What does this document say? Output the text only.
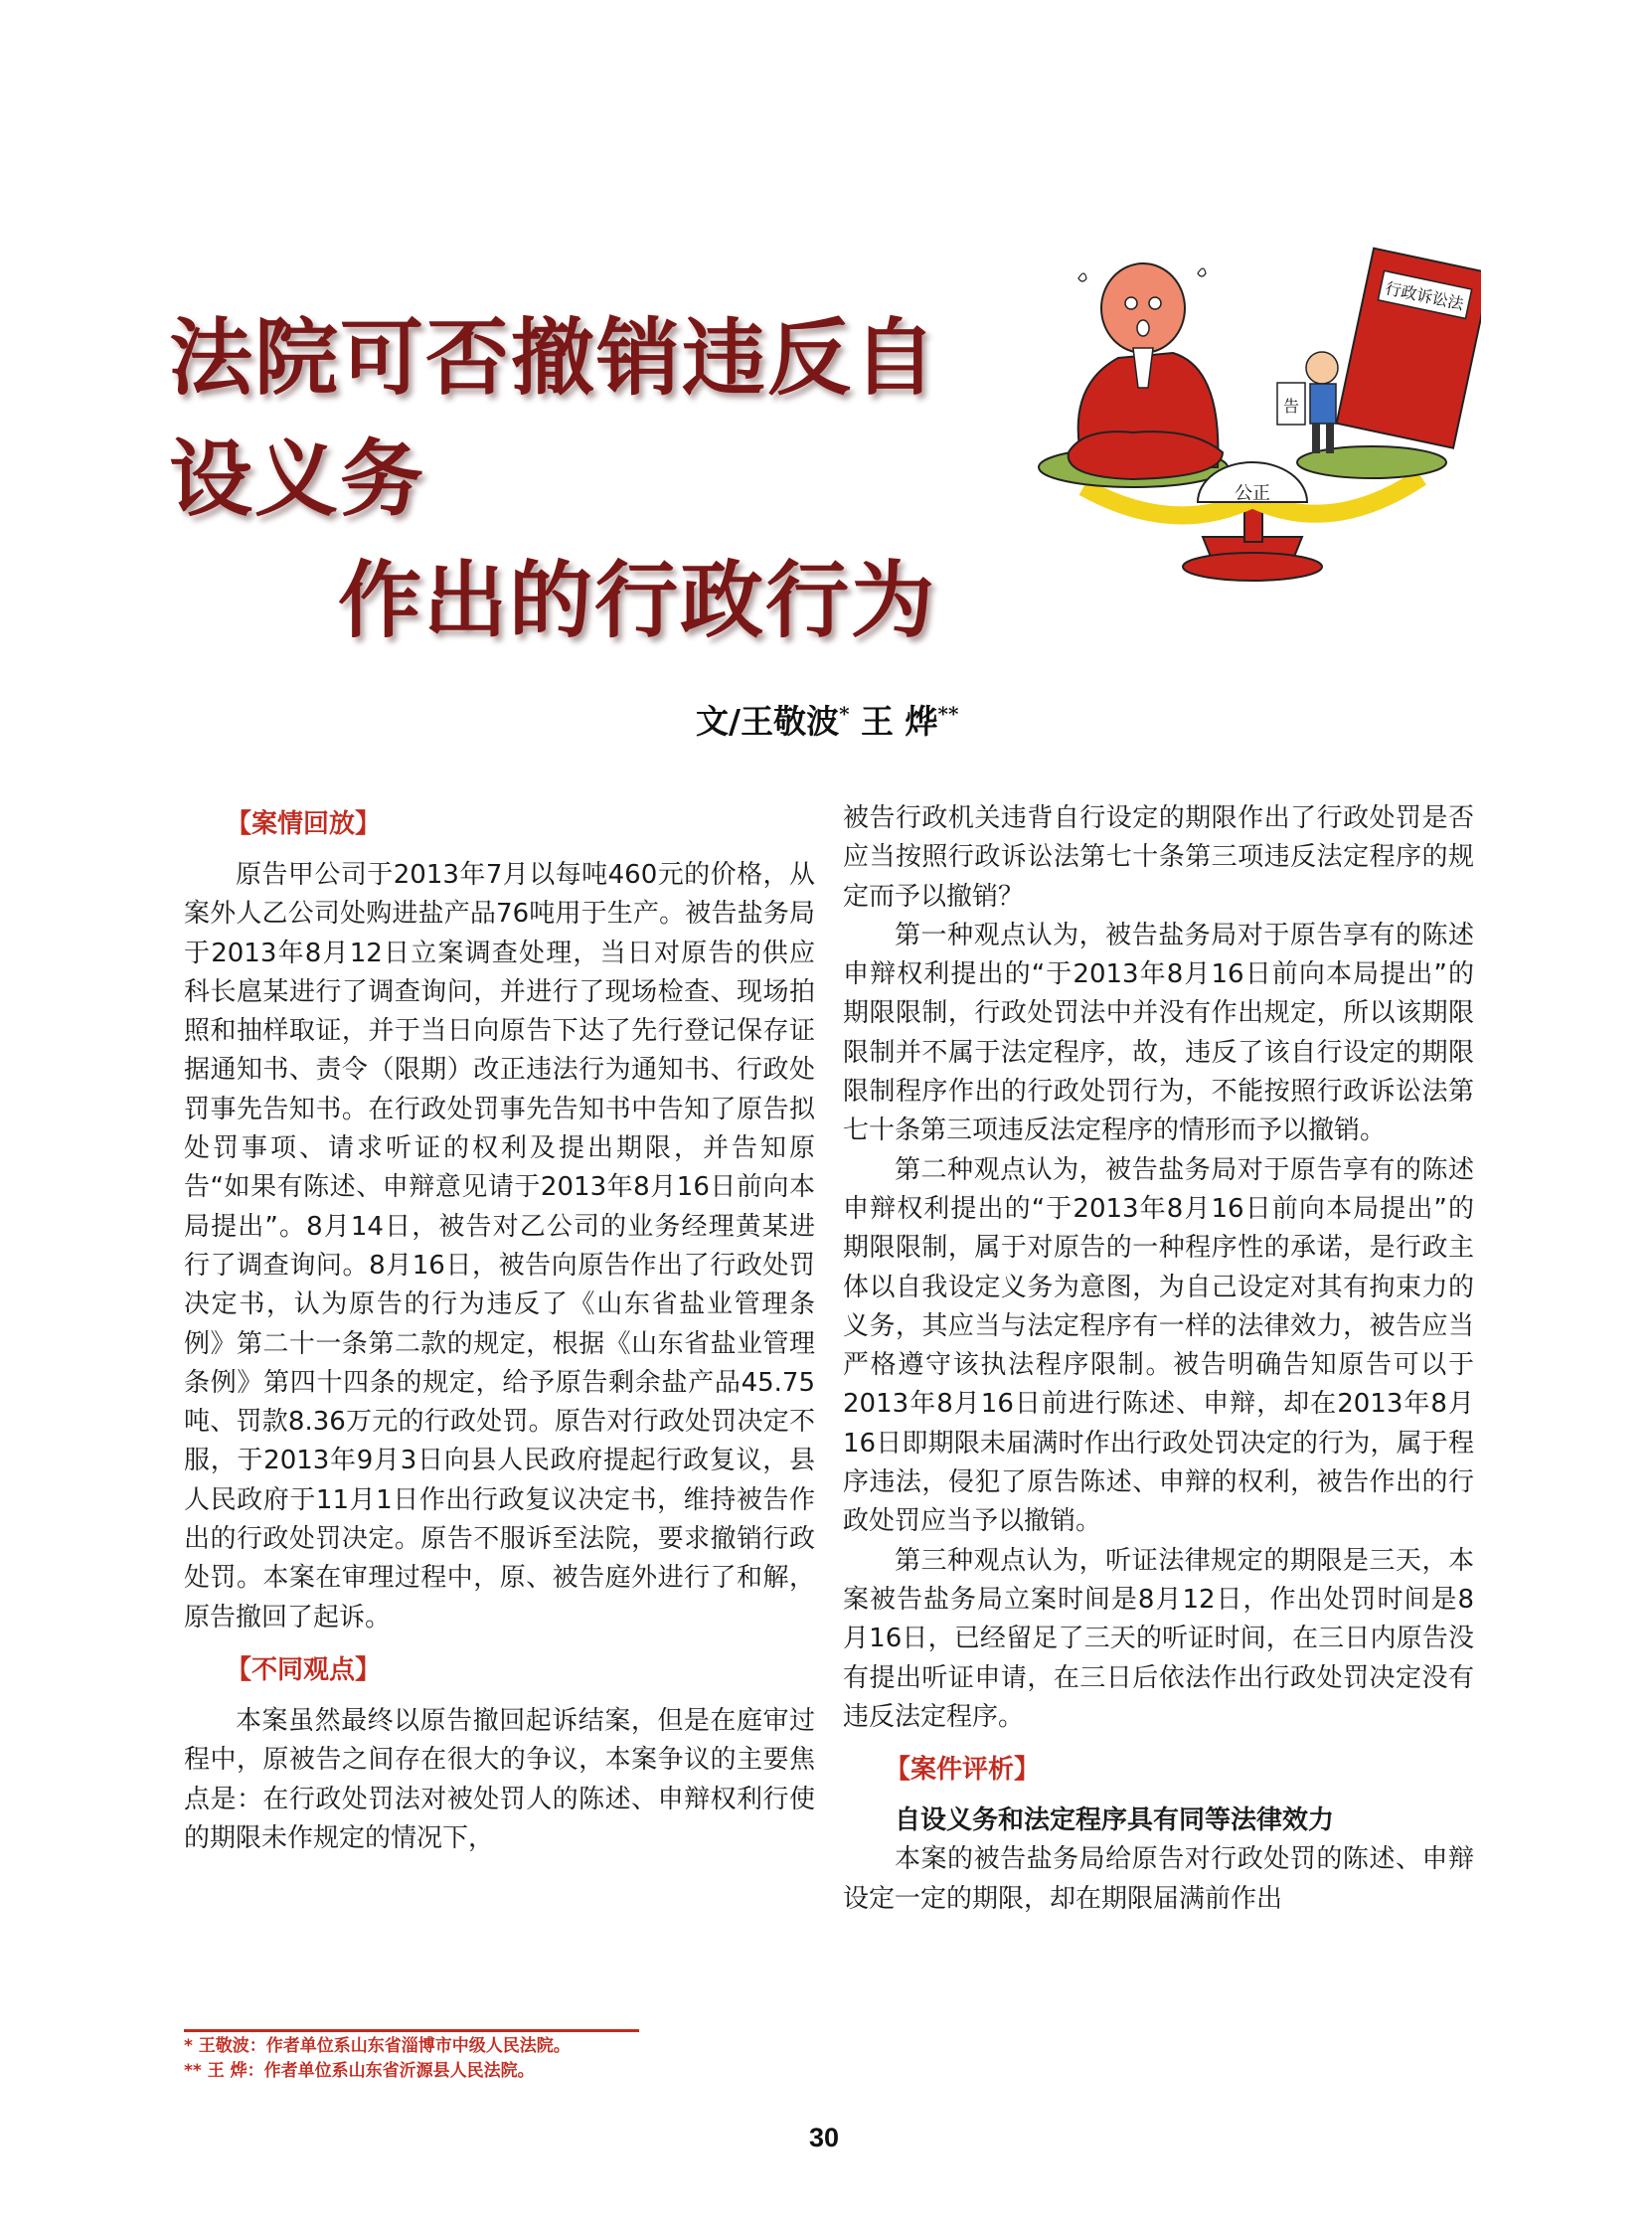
法院可否撤销违反自设义务
作出的行政行为
公正
行政诉讼法
告
文/王敬波* 王 烨**
【案情回放】

原告甲公司于2013年7月以每吨460元的价格，从案外人乙公司处购进盐产品76吨用于生产。被告盐务局于2013年8月12日立案调查处理，当日对原告的供应科长扈某进行了调查询问，并进行了现场检查、现场拍照和抽样取证，并于当日向原告下达了先行登记保存证据通知书、责令（限期）改正违法行为通知书、行政处罚事先告知书。在行政处罚事先告知书中告知了原告拟处罚事项、请求听证的权利及提出期限，并告知原告“如果有陈述、申辩意见请于2013年8月16日前向本局提出”。8月14日，被告对乙公司的业务经理黄某进行了调查询问。8月16日，被告向原告作出了行政处罚决定书，认为原告的行为违反了《山东省盐业管理条例》第二十一条第二款的规定，根据《山东省盐业管理条例》第四十四条的规定，给予原告剩余盐产品45.75吨、罚款8.36万元的行政处罚。原告对行政处罚决定不服，于2013年9月3日向县人民政府提起行政复议，县人民政府于11月1日作出行政复议决定书，维持被告作出的行政处罚决定。原告不服诉至法院，要求撤销行政处罚。本案在审理过程中，原、被告庭外进行了和解，原告撤回了起诉。

【不同观点】

本案虽然最终以原告撤回起诉结案，但是在庭审过程中，原被告之间存在很大的争议，本案争议的主要焦点是：在行政处罚法对被处罚人的陈述、申辩权利行使的期限未作规定的情况下，

被告行政机关违背自行设定的期限作出了行政处罚是否应当按照行政诉讼法第七十条第三项违反法定程序的规定而予以撤销？

第一种观点认为，被告盐务局对于原告享有的陈述申辩权利提出的“于2013年8月16日前向本局提出”的期限限制，行政处罚法中并没有作出规定，所以该期限限制并不属于法定程序，故，违反了该自行设定的期限限制程序作出的行政处罚行为，不能按照行政诉讼法第七十条第三项违反法定程序的情形而予以撤销。

第二种观点认为，被告盐务局对于原告享有的陈述申辩权利提出的“于2013年8月16日前向本局提出”的期限限制，属于对原告的一种程序性的承诺，是行政主体以自我设定义务为意图，为自己设定对其有拘束力的义务，其应当与法定程序有一样的法律效力，被告应当严格遵守该执法程序限制。被告明确告知原告可以于2013年8月16日前进行陈述、申辩，却在2013年8月16日即期限未届满时作出行政处罚决定的行为，属于程序违法，侵犯了原告陈述、申辩的权利，被告作出的行政处罚应当予以撤销。

第三种观点认为，听证法律规定的期限是三天，本案被告盐务局立案时间是8月12日，作出处罚时间是8月16日，已经留足了三天的听证时间，在三日内原告没有提出听证申请，在三日后依法作出行政处罚决定没有违反法定程序。

【案件评析】

自设义务和法定程序具有同等法律效力

本案的被告盐务局给原告对行政处罚的陈述、申辩设定一定的期限，却在期限届满前作出

* 王敬波：作者单位系山东省淄博市中级人民法院。
** 王 烨：作者单位系山东省沂源县人民法院。
30
